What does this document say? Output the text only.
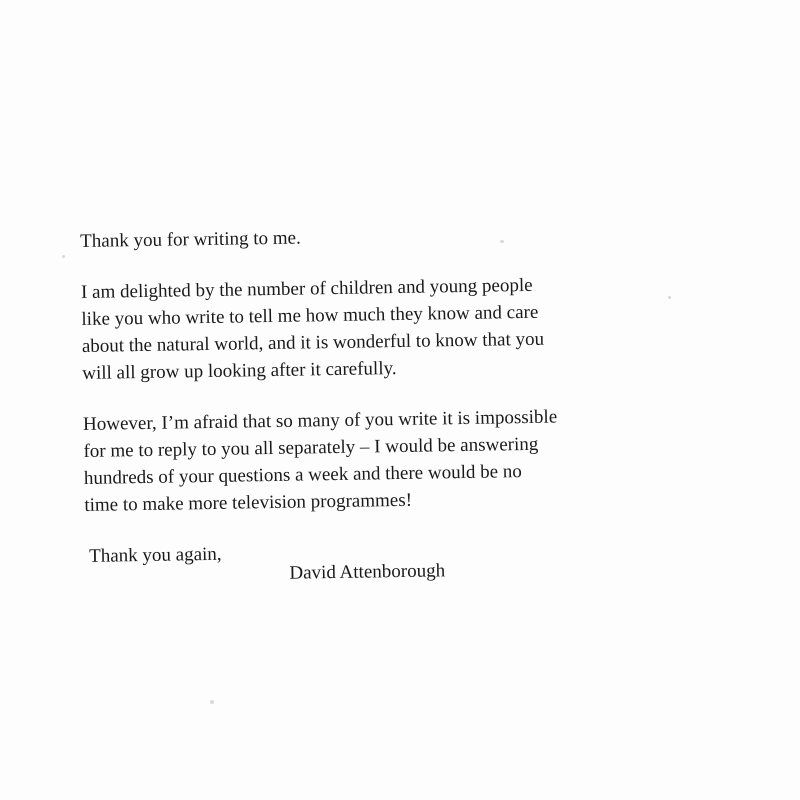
Thank you for writing to me.

I am delighted by the number of children and young people
like you who write to tell me how much they know and care
about the natural world, and it is wonderful to know that you
will all grow up looking after it carefully.

However, I’m afraid that so many of you write it is impossible
for me to reply to you all separately – I would be answering
hundreds of your questions a week and there would be no
time to make more television programmes!

Thank you again,
David Attenborough
